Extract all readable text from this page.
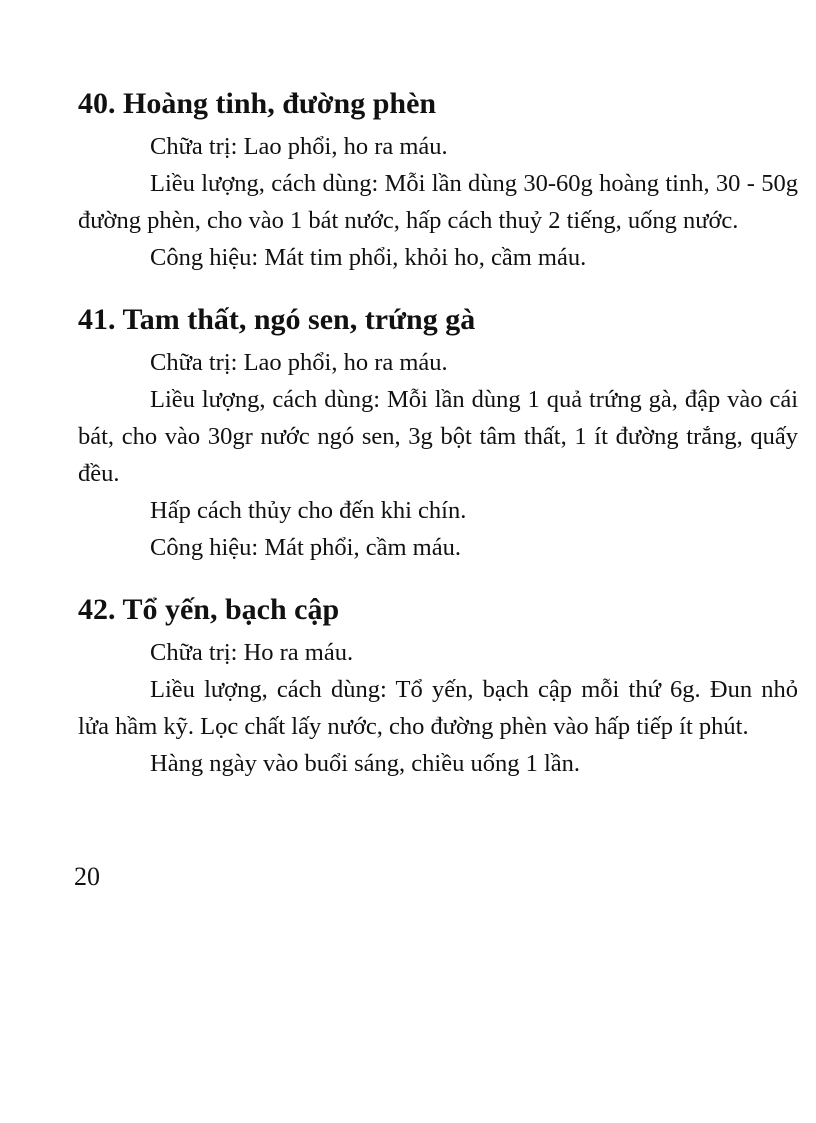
40. Hoàng tinh, đường phèn

Chữa trị: Lao phổi, ho ra máu.

Liều lượng, cách dùng: Mỗi lần dùng 30-60g hoàng tinh, 30 - 50g đường phèn, cho vào 1 bát nước, hấp cách thuỷ 2 tiếng, uống nước.

Công hiệu: Mát tim phổi, khỏi ho, cầm máu.

41. Tam thất, ngó sen, trứng gà

Chữa trị: Lao phổi, ho ra máu.

Liều lượng, cách dùng: Mỗi lần dùng 1 quả trứng gà, đập vào cái bát, cho vào 30gr nước ngó sen, 3g bột tâm thất, 1 ít đường trắng, quấy đều.

Hấp cách thủy cho đến khi chín.

Công hiệu: Mát phổi, cầm máu.

42. Tổ yến, bạch cập

Chữa trị: Ho ra máu.

Liều lượng, cách dùng: Tổ yến, bạch cập mỗi thứ 6g. Đun nhỏ lửa hầm kỹ. Lọc chất lấy nước, cho đường phèn vào hấp tiếp ít phút.

Hàng ngày vào buổi sáng, chiều uống 1 lần.

20
